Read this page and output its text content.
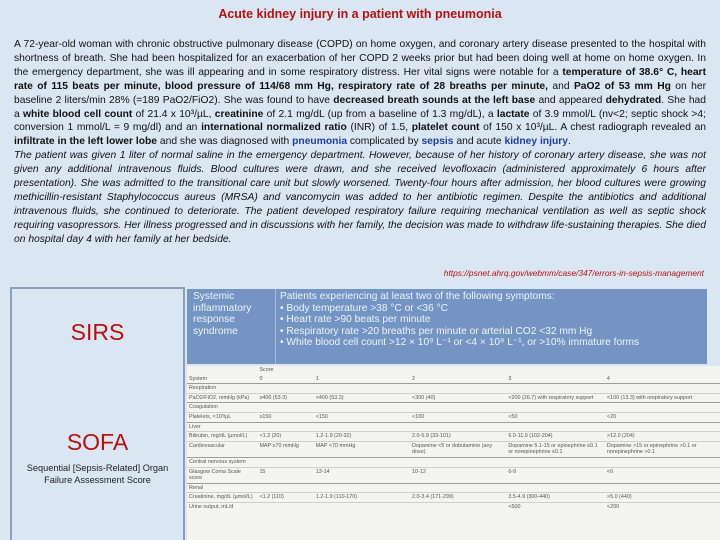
Acute kidney injury in a patient with pneumonia

A 72-year-old woman with chronic obstructive pulmonary disease (COPD) on home oxygen, and coronary artery disease presented to the hospital with shortness of breath. She had been hospitalized for an exacerbation of her COPD 2 weeks prior but had been doing well at home on home oxygen. In the emergency department, she was ill appearing and in some respiratory distress. Her vital signs were notable for a temperature of 38.6° C, heart rate of 115 beats per minute, blood pressure of 114/68 mm Hg, respiratory rate of 28 breaths per minute, and PaO2 of 53 mm Hg on her baseline 2 liters/min 28% (=189 PaO2/FiO2). She was found to have decreased breath sounds at the left base and appeared dehydrated. She had a white blood cell count of 21.4 x 10³/µL, creatinine of 2.1 mg/dL (up from a baseline of 1.3 mg/dL), a lactate of 3.9 mmol/L (nv<2; septic shock >4; conversion 1 mmol/L = 9 mg/dl) and an international normalized ratio (INR) of 1.5, platelet count of 150 x 10³/µL. A chest radiograph revealed an infiltrate in the left lower lobe and she was diagnosed with pneumonia complicated by sepsis and acute kidney injury.

The patient was given 1 liter of normal saline in the emergency department. However, because of her history of coronary artery disease, she was not given any additional intravenous fluids. Blood cultures were drawn, and she received levofloxacin (administered approximately 6 hours after presentation). She was admitted to the transitional care unit but slowly worsened. Twenty-four hours after admission, her blood cultures were growing methicillin-resistant Staphylococcus aureus (MRSA) and vancomycin was added to her antibiotic regimen. Despite the antibiotics and additional intravenous fluids, she continued to deteriorate. The patient developed respiratory failure requiring mechanical ventilation as well as septic shock requiring vasopressors. Her illness progressed and in discussions with her family, the decision was made to withdraw life-sustaining therapies. She died on hospital day 4 with her family at her bedside.

https://psnet.ahrq.gov/webmm/case/347/errors-in-sepsis-management
SIRS
SOFA
Sequential [Sepsis-Related] Organ Failure Assessment Score
Systemic inflammatory response syndrome
Patients experiencing at least two of the following symptoms:
• Body temperature >38 °C or <36 °C
• Heart rate >90 beats per minute
• Respiratory rate >20 breaths per minute or arterial CO2 <32 mm Hg
• White blood cell count >12 × 10⁹ L⁻¹ or <4 × 10⁹ L⁻¹, or >10% immature forms
	Score				
System	0	1	2	3	4
Respiration					
PaO2/FiO2, mmHg (kPa)	≥400 (53.3)	<400 (53.3)	<300 (40)	<200 (26.7) with respiratory support	<100 (13.3) with respiratory support
Coagulation					
Platelets, ×10³/µL	≥150	<150	<100	<50	<20
Liver					
Bilirubin, mg/dL (µmol/L)	<1.2 (20)	1.2-1.9 (20-32)	2.0-5.9 (33-101)	6.0-11.9 (102-204)	>12.0 (204)
Cardiovascular	MAP ≥70 mmHg	MAP <70 mmHg	Dopamine <5 or dobutamine (any dose)	Dopamine 5.1-15 or epinephrine ≤0.1 or norepinephrine ≤0.1	Dopamine >15 or epinephrine >0.1 or norepinephrine >0.1
Central nervous system					
Glasgow Coma Scale score	15	13-14	10-12	6-9	<6
Renal					
Creatinine, mg/dL (µmol/L)	<1.2 (110)	1.2-1.9 (110-170)	2.0-3.4 (171-299)	3.5-4.9 (300-440)	>5.0 (440)
Urine output, mL/d				<500	<200
